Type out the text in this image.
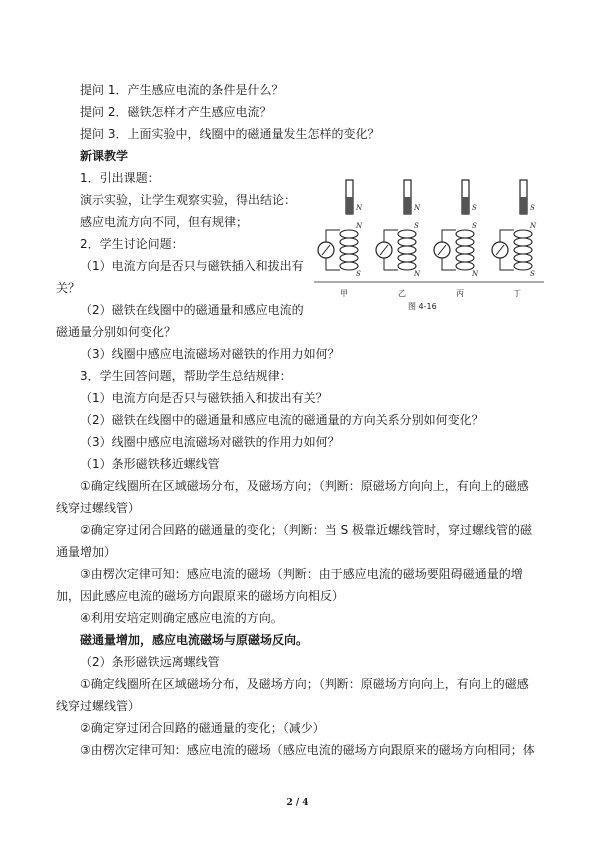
提问 1．产生感应电流的条件是什么？
提问 2．磁铁怎样才产生感应电流？
提问 3．上面实验中，线圈中的磁通量发生怎样的变化？
新课教学
1．引出课题：
演示实验，让学生观察实验，得出结论：
感应电流方向不同，但有规律；
2．学生讨论问题：
（1）电流方向是否只与磁铁插入和拔出有
关？
（2）磁铁在线圈中的磁通量和感应电流的
磁通量分别如何变化？
（3）线圈中感应电流磁场对磁铁的作用力如何？
3．学生回答问题，帮助学生总结规律：
（1）电流方向是否只与磁铁插入和拔出有关？
（2）磁铁在线圈中的磁通量和感应电流的磁通量的方向关系分别如何变化？
（3）线圈中感应电流磁场对磁铁的作用力如何？
（1）条形磁铁移近螺线管
①确定线圈所在区域磁场分布，及磁场方向；（判断：原磁场方向向上，有向上的磁感
线穿过螺线管）
②确定穿过闭合回路的磁通量的变化；（判断：当 S 极靠近螺线管时，穿过螺线管的磁
通量增加）
③由楞次定律可知：感应电流的磁场（判断：由于感应电流的磁场要阻碍磁通量的增
加，因此感应电流的磁场方向跟原来的磁场方向相反）
④利用安培定则确定感应电流的方向。
磁通量增加，感应电流磁场与原磁场反向。
（2）条形磁铁远离螺线管
①确定线圈所在区域磁场分布，及磁场方向；（判断：原磁场方向向上，有向上的磁感
线穿过螺线管）
②确定穿过闭合回路的磁通量的变化；（减少）
③由楞次定律可知：感应电流的磁场（感应电流的磁场方向跟原来的磁场方向相同；体
N
N
S
N
S
N
S
S
N
S
N
S
甲	乙	丙	丁
图 4-16
2 / 4
